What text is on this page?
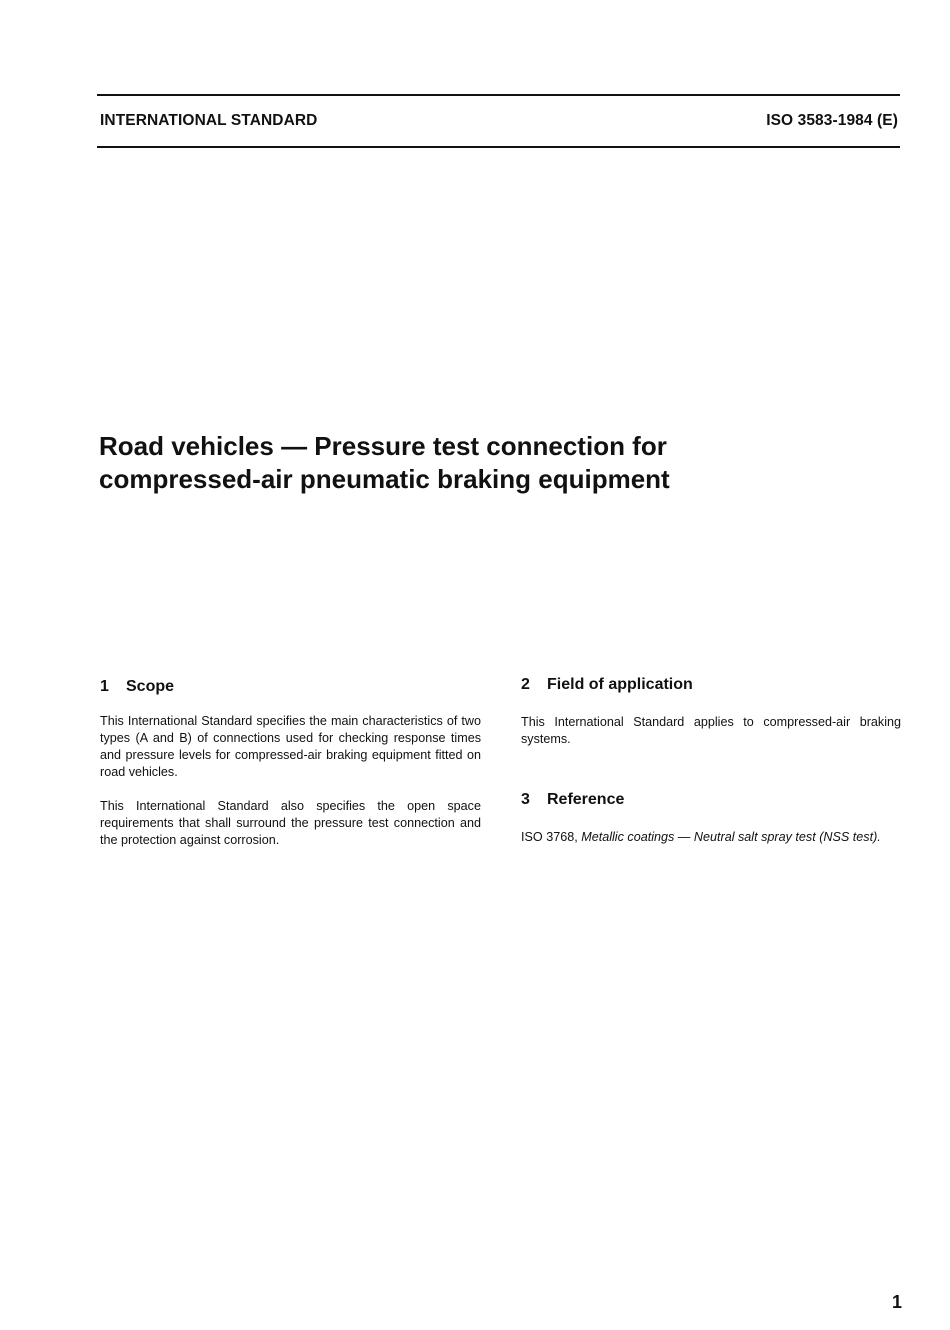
INTERNATIONAL STANDARD	ISO 3583-1984 (E)
Road vehicles — Pressure test connection for
compressed-air pneumatic braking equipment
1 Scope

This International Standard specifies the main characteristics of two types (A and B) of connections used for checking response times and pressure levels for compressed-air braking equipment fitted on road vehicles.

This International Standard also specifies the open space requirements that shall surround the pressure test connection and the protection against corrosion.

2 Field of application

This International Standard applies to compressed-air braking systems.

3 Reference

ISO 3768, Metallic coatings — Neutral salt spray test (NSS test).

1
